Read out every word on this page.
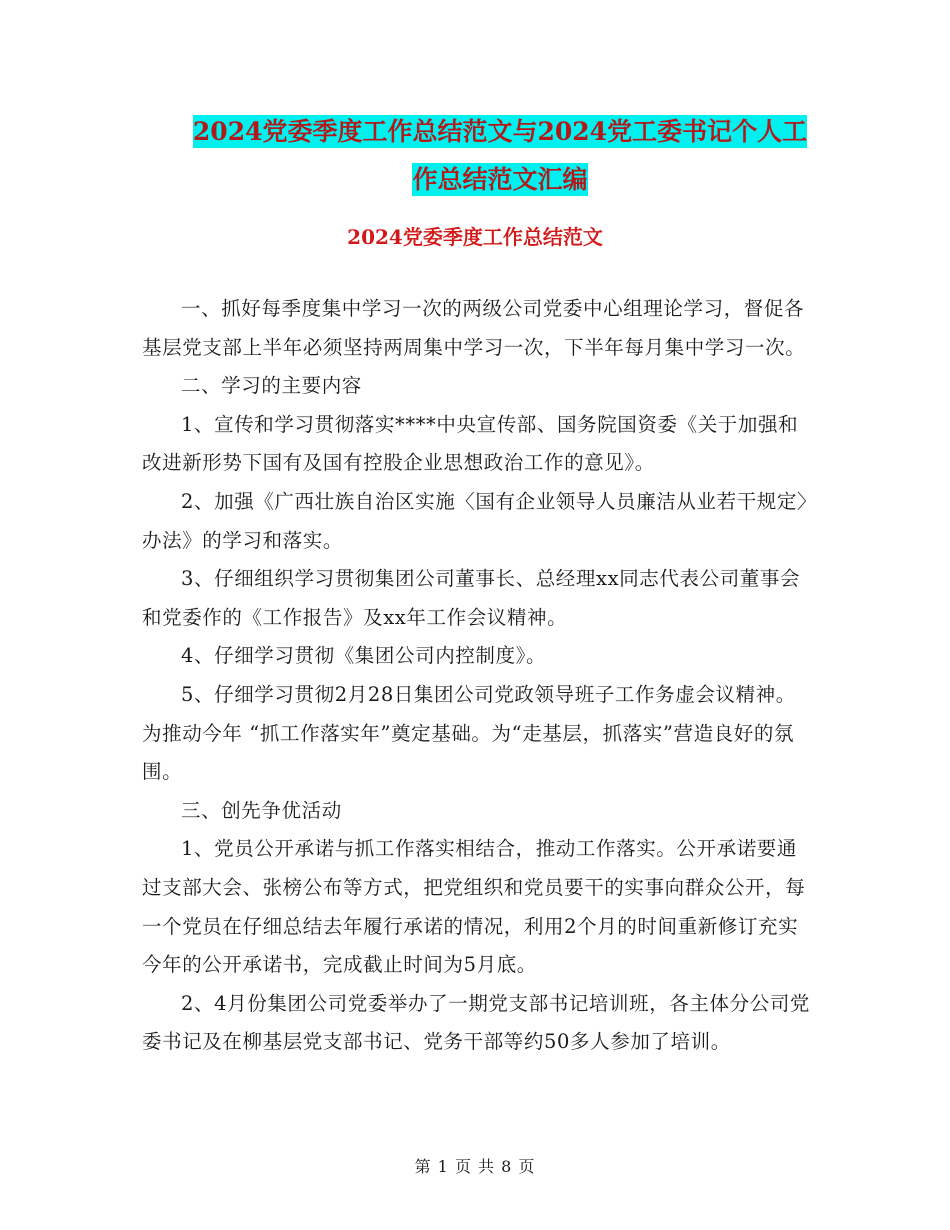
2024党委季度工作总结范文与2024党工委书记个人工
作总结范文汇编
2024党委季度工作总结范文

一、抓好每季度集中学习一次的两级公司党委中心组理论学习，督促各基层党支部上半年必须坚持两周集中学习一次，下半年每月集中学习一次。

二、学习的主要内容

1、宣传和学习贯彻落实****中央宣传部、国务院国资委《关于加强和改进新形势下国有及国有控股企业思想政治工作的意见》。

2、加强《广西壮族自治区实施〈国有企业领导人员廉洁从业若干规定〉办法》的学习和落实。

3、仔细组织学习贯彻集团公司董事长、总经理xx同志代表公司董事会和党委作的《工作报告》及xx年工作会议精神。

4、仔细学习贯彻《集团公司内控制度》。

5、仔细学习贯彻2月28日集团公司党政领导班子工作务虚会议精神。为推动今年 “抓工作落实年”奠定基础。为“走基层，抓落实”营造良好的氛围。

三、创先争优活动

1、党员公开承诺与抓工作落实相结合，推动工作落实。公开承诺要通过支部大会、张榜公布等方式，把党组织和党员要干的实事向群众公开，每一个党员在仔细总结去年履行承诺的情况，利用2个月的时间重新修订充实今年的公开承诺书，完成截止时间为5月底。

2、4月份集团公司党委举办了一期党支部书记培训班，各主体分公司党委书记及在柳基层党支部书记、党务干部等约50多人参加了培训。

第 1 页 共 8 页
